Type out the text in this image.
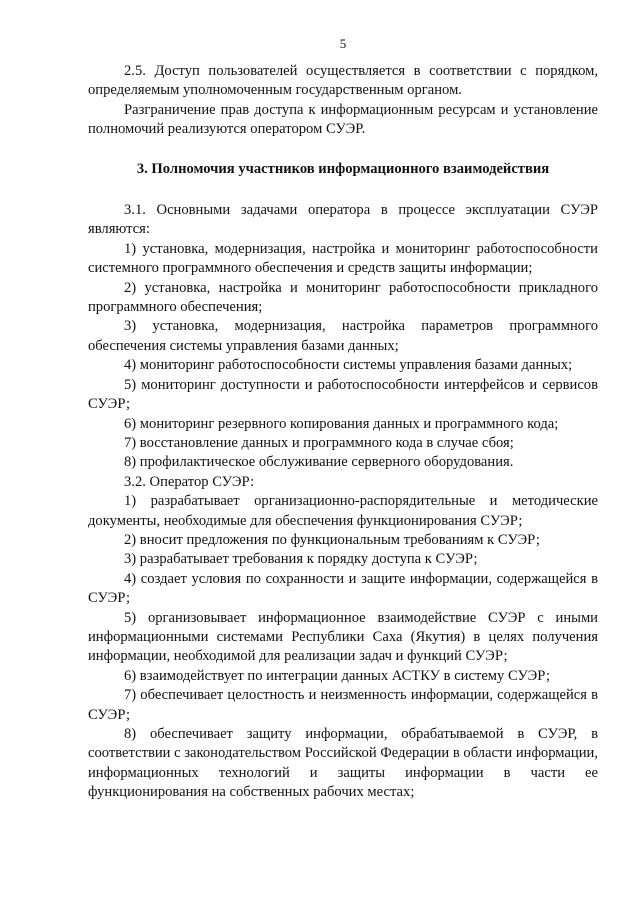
5

2.5. Доступ пользователей осуществляется в соответствии с порядком, определяемым уполномоченным государственным органом.

Разграничение прав доступа к информационным ресурсам и установление полномочий реализуются оператором СУЭР.

3. Полномочия участников информационного взаимодействия

3.1. Основными задачами оператора в процессе эксплуатации СУЭР являются:

1) установка, модернизация, настройка и мониторинг работоспособности системного программного обеспечения и средств защиты информации;

2) установка, настройка и мониторинг работоспособности прикладного программного обеспечения;

3) установка, модернизация, настройка параметров программного обеспечения системы управления базами данных;

4) мониторинг работоспособности системы управления базами данных;

5) мониторинг доступности и работоспособности интерфейсов и сервисов СУЭР;

6) мониторинг резервного копирования данных и программного кода;

7) восстановление данных и программного кода в случае сбоя;

8) профилактическое обслуживание серверного оборудования.

3.2. Оператор СУЭР:

1) разрабатывает организационно-распорядительные и методические документы, необходимые для обеспечения функционирования СУЭР;

2) вносит предложения по функциональным требованиям к СУЭР;

3) разрабатывает требования к порядку доступа к СУЭР;

4) создает условия по сохранности и защите информации, содержащейся в СУЭР;

5) организовывает информационное взаимодействие СУЭР с иными информационными системами Республики Саха (Якутия) в целях получения информации, необходимой для реализации задач и функций СУЭР;

6) взаимодействует по интеграции данных АСТКУ в систему СУЭР;

7) обеспечивает целостность и неизменность информации, содержащейся в СУЭР;

8) обеспечивает защиту информации, обрабатываемой в СУЭР, в соответствии с законодательством Российской Федерации в области информации, информационных технологий и защиты информации в части ее функционирования на собственных рабочих местах;
